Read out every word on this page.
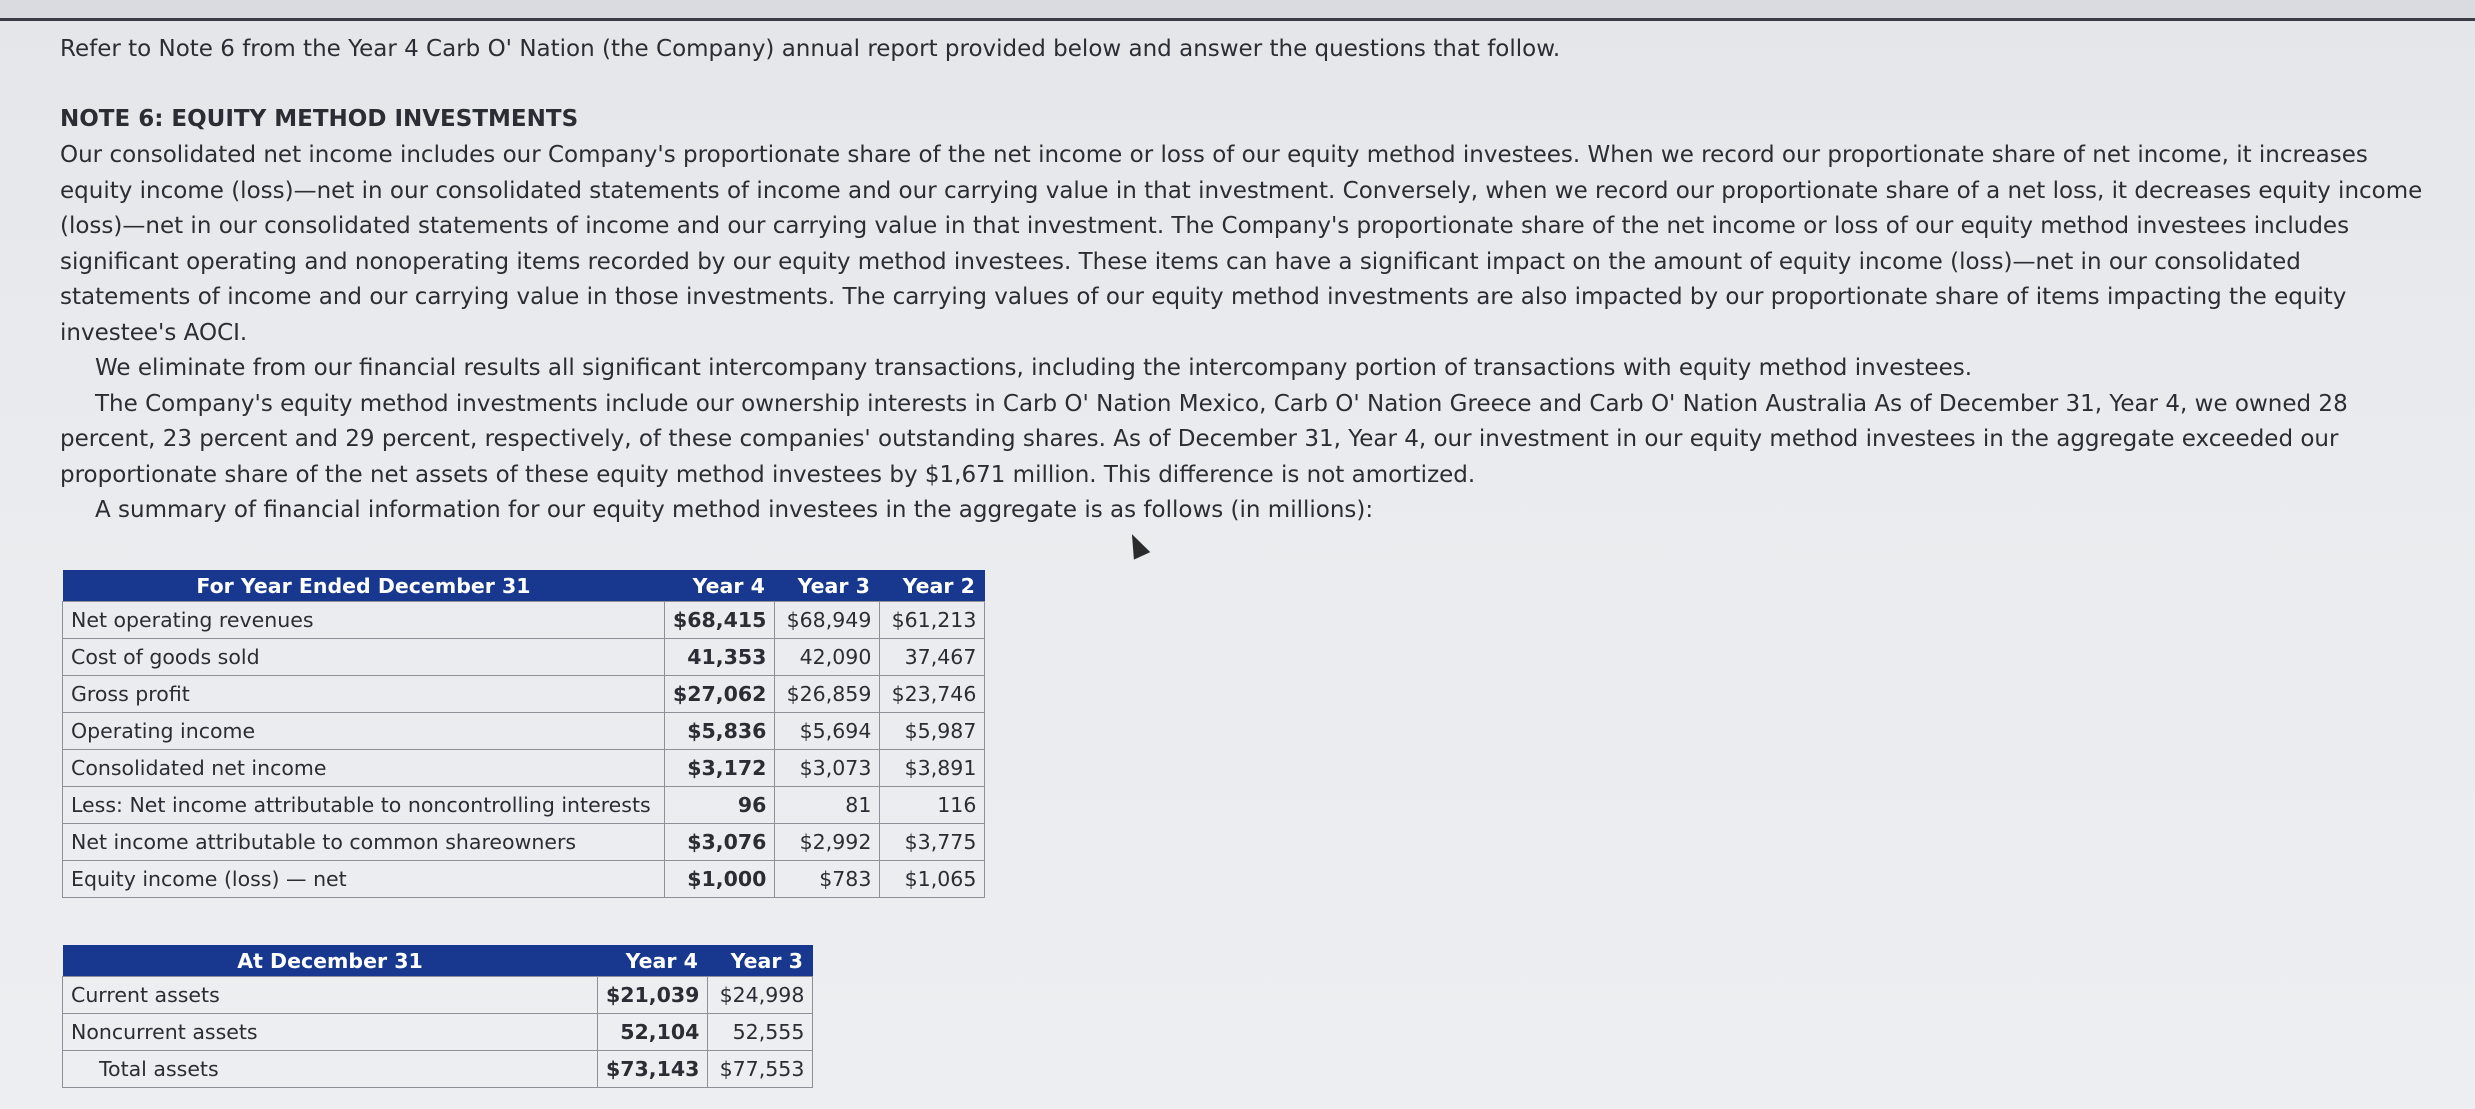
Refer to Note 6 from the Year 4 Carb O' Nation (the Company) annual report provided below and answer the questions that follow.
NOTE 6: EQUITY METHOD INVESTMENTS

Our consolidated net income includes our Company's proportionate share of the net income or loss of our equity method investees. When we record our proportionate share of net income, it increases equity income (loss)—net in our consolidated statements of income and our carrying value in that investment. Conversely, when we record our proportionate share of a net loss, it decreases equity income (loss)—net in our consolidated statements of income and our carrying value in that investment. The Company's proportionate share of the net income or loss of our equity method investees includes significant operating and nonoperating items recorded by our equity method investees. These items can have a significant impact on the amount of equity income (loss)—net in our consolidated statements of income and our carrying value in those investments. The carrying values of our equity method investments are also impacted by our proportionate share of items impacting the equity investee's AOCI.

We eliminate from our financial results all significant intercompany transactions, including the intercompany portion of transactions with equity method investees.

The Company's equity method investments include our ownership interests in Carb O' Nation Mexico, Carb O' Nation Greece and Carb O' Nation Australia As of December 31, Year 4, we owned 28 percent, 23 percent and 29 percent, respectively, of these companies' outstanding shares. As of December 31, Year 4, our investment in our equity method investees in the aggregate exceeded our proportionate share of the net assets of these equity method investees by $1,671 million. This difference is not amortized.

A summary of financial information for our equity method investees in the aggregate is as follows (in millions):

For Year Ended December 31	Year 4	Year 3	Year 2
Net operating revenues	$68,415	$68,949	$61,213
Cost of goods sold	41,353	42,090	37,467
Gross profit	$27,062	$26,859	$23,746
Operating income	$5,836	$5,694	$5,987
Consolidated net income	$3,172	$3,073	$3,891
Less: Net income attributable to noncontrolling interests	96	81	116
Net income attributable to common shareowners	$3,076	$2,992	$3,775
Equity income (loss) — net	$1,000	$783	$1,065
At December 31	Year 4	Year 3
Current assets	$21,039	$24,998
Noncurrent assets	52,104	52,555
Total assets	$73,143	$77,553
